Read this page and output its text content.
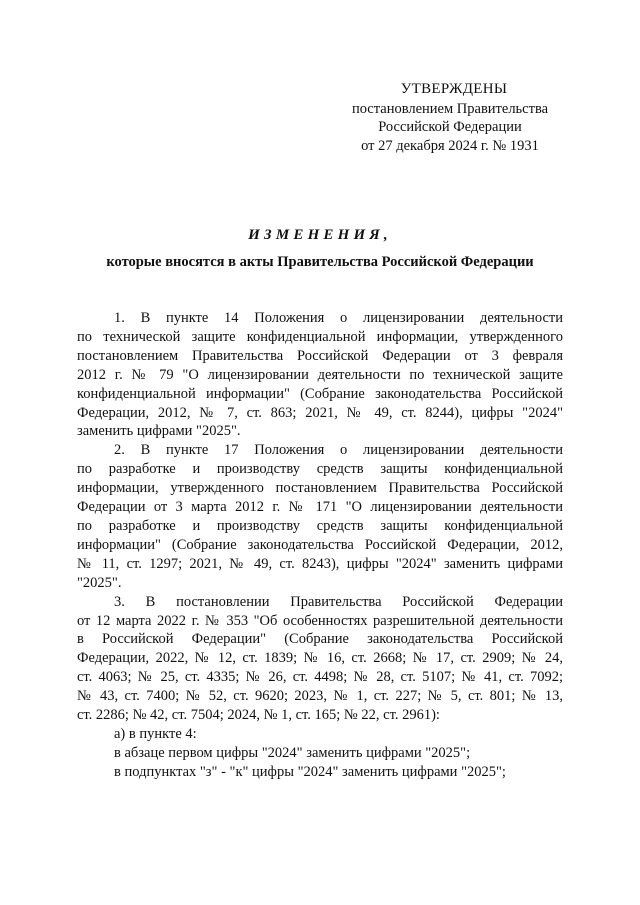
УТВЕРЖДЕНЫ
постановлением Правительства
Российской Федерации
от 27 декабря 2024 г. № 1931
ИЗМЕНЕНИЯ,
которые вносятся в акты Правительства Российской Федерации
1. В пункте 14 Положения о лицензировании деятельности
по технической защите конфиденциальной информации, утвержденного
постановлением Правительства Российской Федерации от 3 февраля
2012 г. № 79 "О лицензировании деятельности по технической защите
конфиденциальной информации" (Собрание законодательства Российской
Федерации, 2012, № 7, ст. 863; 2021, № 49, ст. 8244), цифры "2024"
заменить цифрами "2025".
2. В пункте 17 Положения о лицензировании деятельности
по разработке и производству средств защиты конфиденциальной
информации, утвержденного постановлением Правительства Российской
Федерации от 3 марта 2012 г. № 171 "О лицензировании деятельности
по разработке и производству средств защиты конфиденциальной
информации" (Собрание законодательства Российской Федерации, 2012,
№ 11, ст. 1297; 2021, № 49, ст. 8243), цифры "2024" заменить цифрами
"2025".
3. В постановлении Правительства Российской Федерации
от 12 марта 2022 г. № 353 "Об особенностях разрешительной деятельности
в Российской Федерации" (Собрание законодательства Российской
Федерации, 2022, № 12, ст. 1839; № 16, ст. 2668; № 17, ст. 2909; № 24,
ст. 4063; № 25, ст. 4335; № 26, ст. 4498; № 28, ст. 5107; № 41, ст. 7092;
№ 43, ст. 7400; № 52, ст. 9620; 2023, № 1, ст. 227; № 5, ст. 801; № 13,
ст. 2286; № 42, ст. 7504; 2024, № 1, ст. 165; № 22, ст. 2961):
а) в пункте 4:
в абзаце первом цифры "2024" заменить цифрами "2025";
в подпунктах "з" - "к" цифры "2024" заменить цифрами "2025";
